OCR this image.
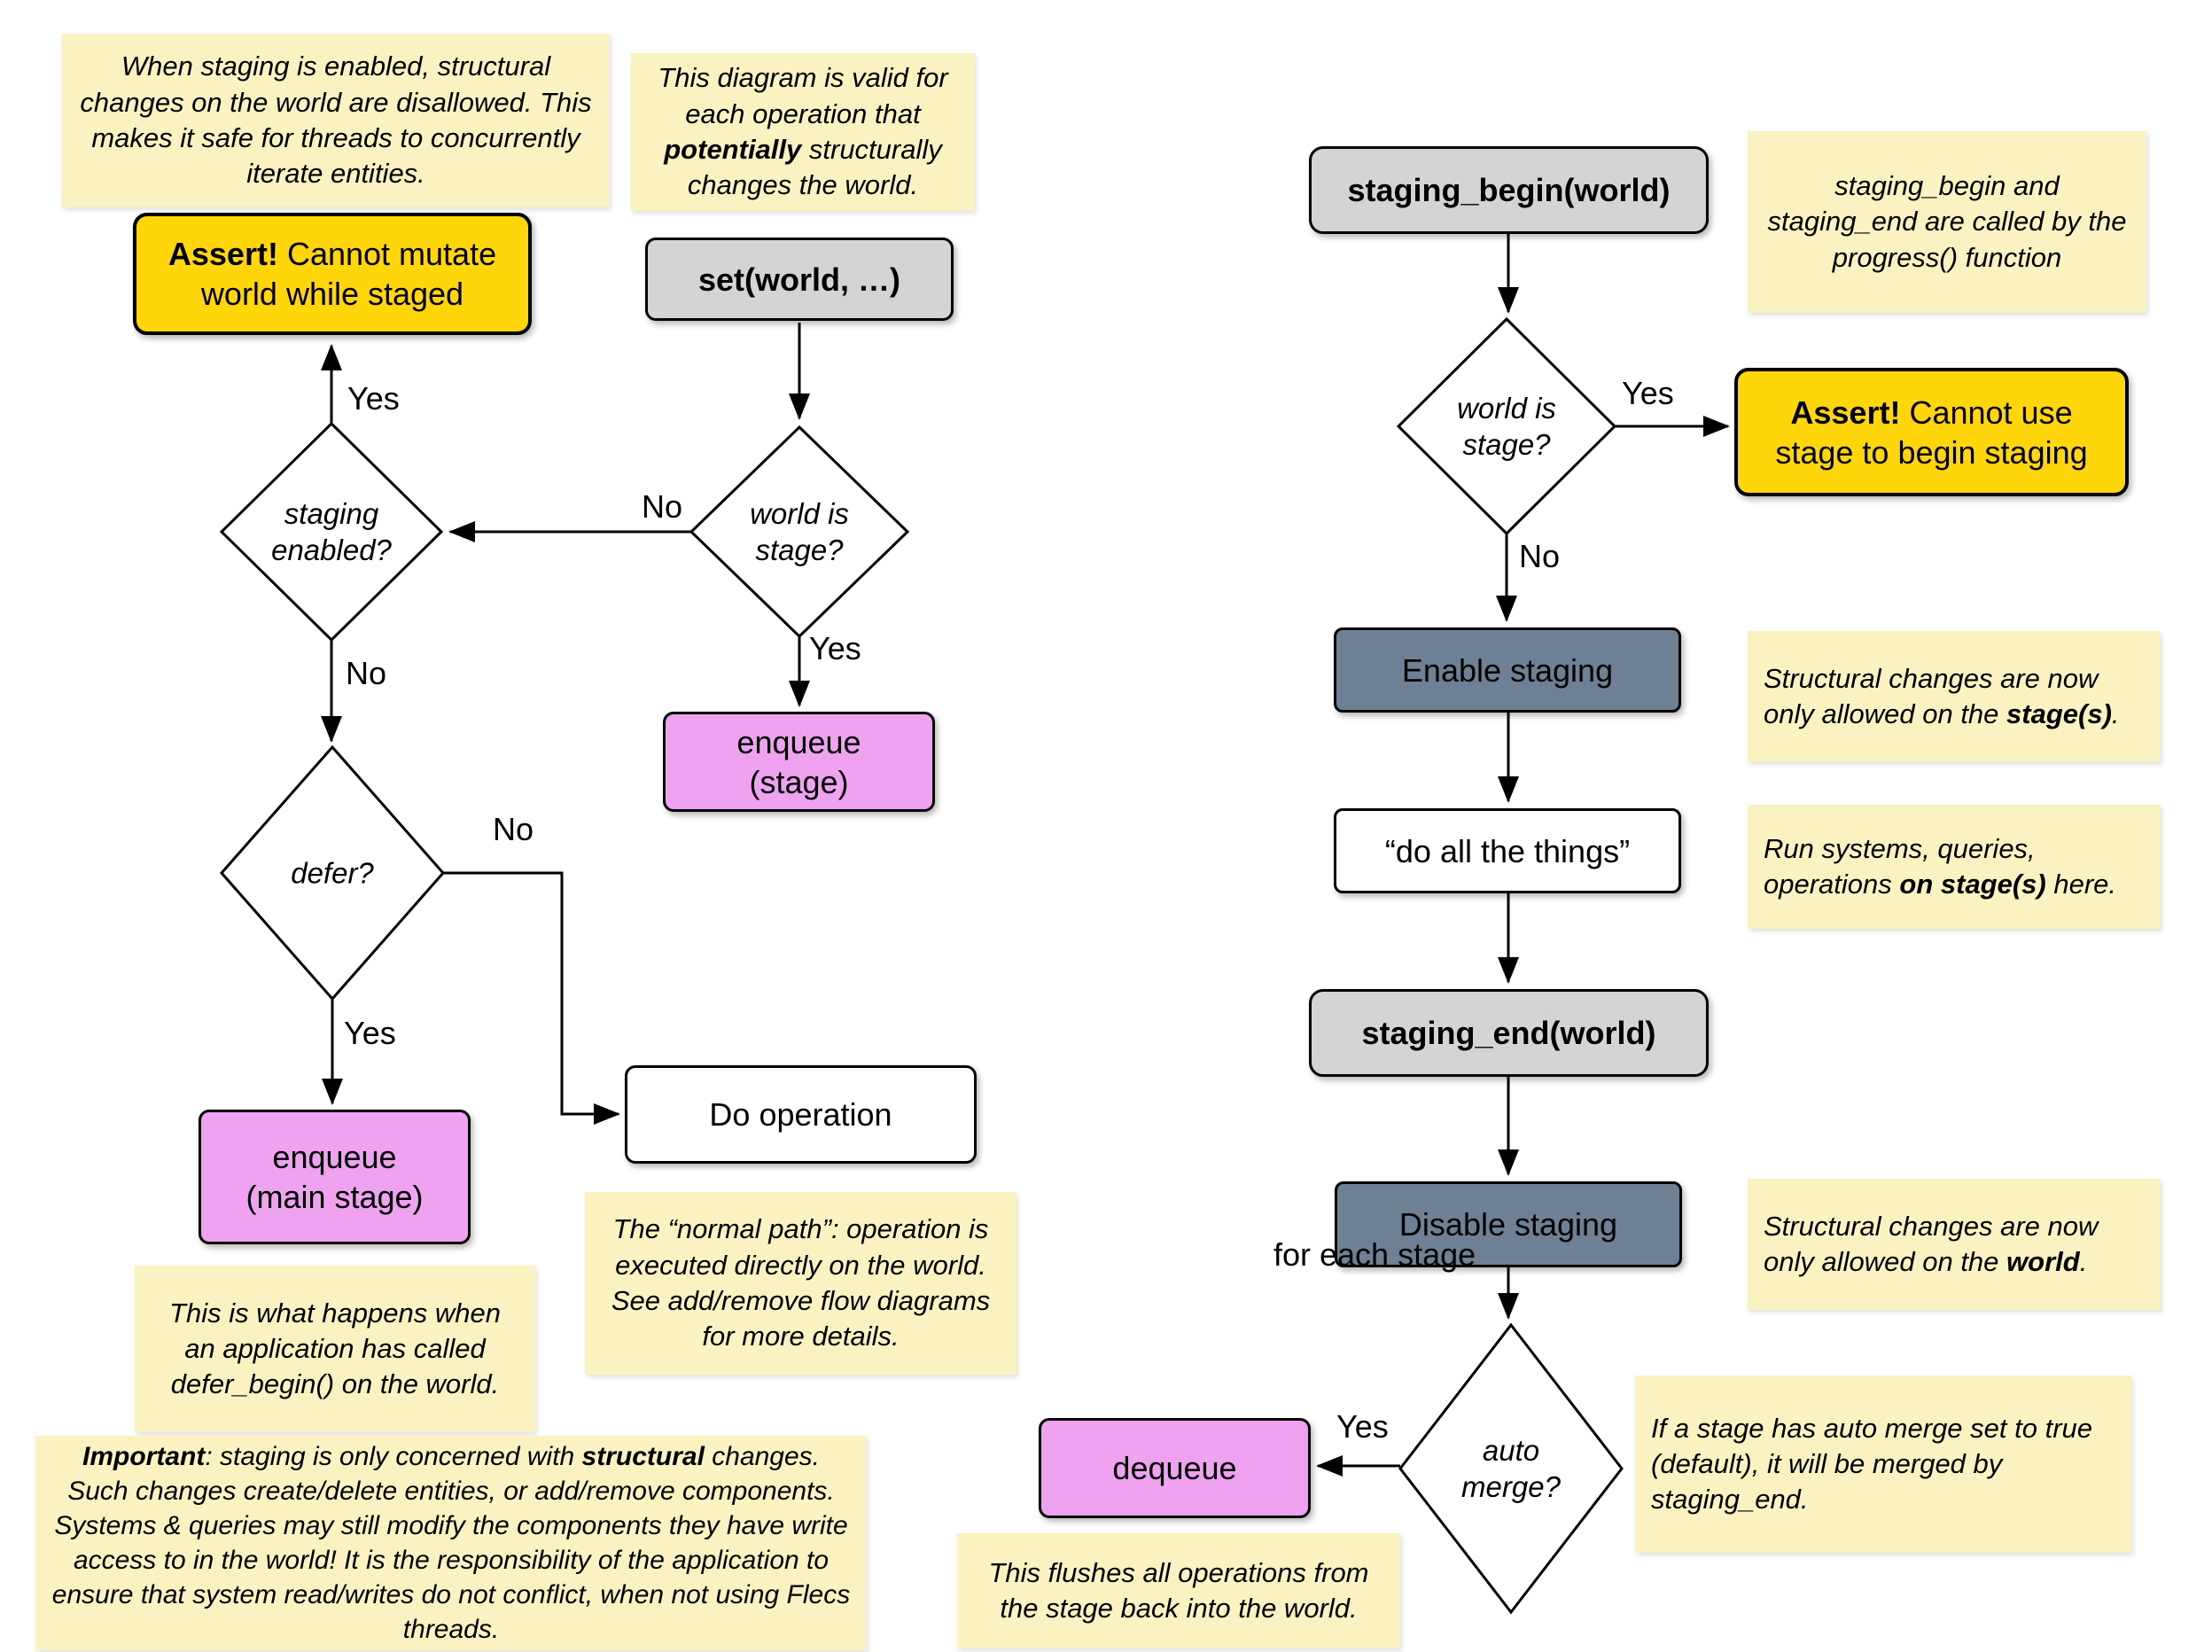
When staging is enabled, structural changes on the world are disallowed. This makes it safe for threads to concurrently iterate entities.
This diagram is valid for each operation that potentially structurally changes the world.
Assert! Cannot mutate
world while staged	set(world, …)
staging
enabled?
world is
stage?
defer?
enqueue
(stage)
enqueue
(main stage)
Do operation
This is what happens when an application has called defer_begin() on the world.
The “normal path”: operation is executed directly on the world. See add/remove flow diagrams for more details.
Important: staging is only concerned with structural changes. Such changes create/delete entities, or add/remove components. Systems & queries may still modify the components they have write access to in the world! It is the responsibility of the application to ensure that system read/writes do not conflict, when not using Flecs threads.
Yes
No
No
Yes
No
Yes
staging_begin(world)	staging_begin and staging_end are called by the progress() function
world is
stage?
Assert! Cannot use
stage to begin staging
Enable staging	Structural changes are now only allowed on the stage(s).
“do all the things”	Run systems, queries, operations on stage(s) here.
staging_end(world)
Disable staging	Structural changes are now only allowed on the world.
auto
merge?
dequeue
If a stage has auto merge set to true (default), it will be merged by staging_end.
This flushes all operations from the stage back into the world.
Yes
No
for each stage
Yes
